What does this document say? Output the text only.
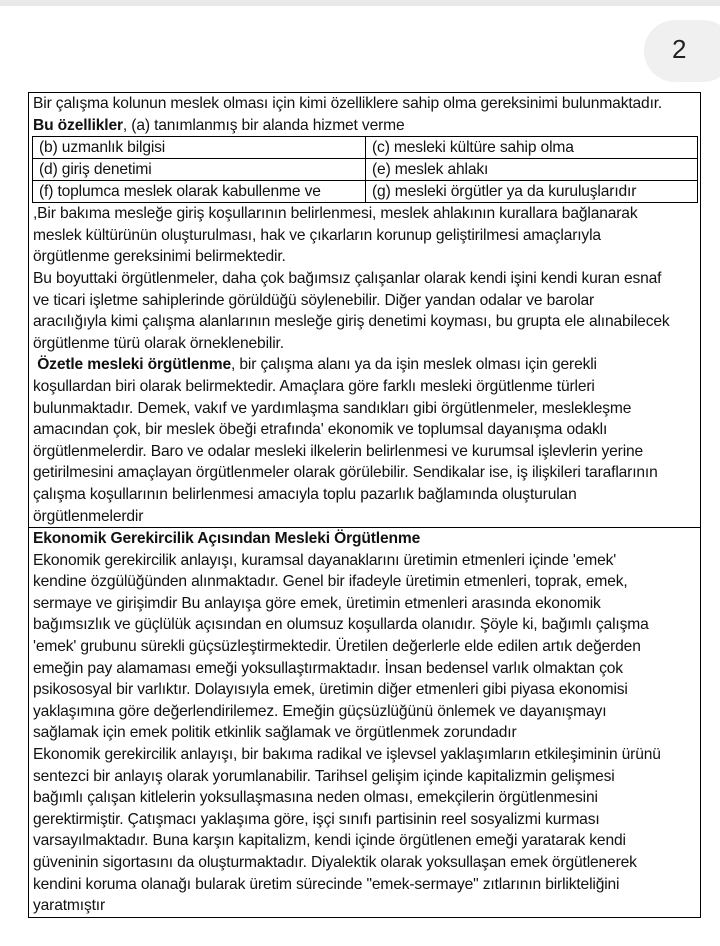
2
Bir çalışma kolunun meslek olması için kimi özelliklere sahip olma gereksinimi bulunmaktadır.
Bu özellikler, (a) tanımlanmış bir alanda hizmet verme
(b) uzmanlık bilgisi	(c) mesleki kültüre sahip olma
(d) giriş denetimi	(e) meslek ahlakı
(f) toplumca meslek olarak kabullenme ve	(g) mesleki örgütler ya da kuruluşlarıdır
,Bir bakıma mesleğe giriş koşullarının belirlenmesi, meslek ahlakının kurallara bağlanarak
meslek kültürünün oluşturulması, hak ve çıkarların korunup geliştirilmesi amaçlarıyla
örgütlenme gereksinimi belirmektedir.
Bu boyuttaki örgütlenmeler, daha çok bağımsız çalışanlar olarak kendi işini kendi kuran esnaf
ve ticari işletme sahiplerinde görüldüğü söylenebilir. Diğer yandan odalar ve barolar
aracılığıyla kimi çalışma alanlarının mesleğe giriş denetimi koyması, bu grupta ele alınabilecek
örgütlenme türü olarak örneklenebilir.
Özetle mesleki örgütlenme, bir çalışma alanı ya da işin meslek olması için gerekli
koşullardan biri olarak belirmektedir. Amaçlara göre farklı mesleki örgütlenme türleri
bulunmaktadır. Demek, vakıf ve yardımlaşma sandıkları gibi örgütlenmeler, meslekleşme
amacından çok, bir meslek öbeği etrafında' ekonomik ve toplumsal dayanışma odaklı
örgütlenmelerdir. Baro ve odalar mesleki ilkelerin belirlenmesi ve kurumsal işlevlerin yerine
getirilmesini amaçlayan örgütlenmeler olarak görülebilir. Sendikalar ise, iş ilişkileri taraflarının
çalışma koşullarının belirlenmesi amacıyla toplu pazarlık bağlamında oluşturulan
örgütlenmelerdir
Ekonomik Gerekircilik Açısından Mesleki Örgütlenme
Ekonomik gerekircilik anlayışı, kuramsal dayanaklarını üretimin etmenleri içinde 'emek'
kendine özgülüğünden alınmaktadır. Genel bir ifadeyle üretimin etmenleri, toprak, emek,
sermaye ve girişimdir Bu anlayışa göre emek, üretimin etmenleri arasında ekonomik
bağımsızlık ve güçlülük açısından en olumsuz koşullarda olanıdır. Şöyle ki, bağımlı çalışma
'emek' grubunu sürekli güçsüzleştirmektedir. Üretilen değerlerle elde edilen artık değerden
emeğin pay alamaması emeği yoksullaştırmaktadır. İnsan bedensel varlık olmaktan çok
psikososyal bir varlıktır. Dolayısıyla emek, üretimin diğer etmenleri gibi piyasa ekonomisi
yaklaşımına göre değerlendirilemez. Emeğin güçsüzlüğünü önlemek ve dayanışmayı
sağlamak için emek politik etkinlik sağlamak ve örgütlenmek zorundadır
Ekonomik gerekircilik anlayışı, bir bakıma radikal ve işlevsel yaklaşımların etkileşiminin ürünü
sentezci bir anlayış olarak yorumlanabilir. Tarihsel gelişim içinde kapitalizmin gelişmesi
bağımlı çalışan kitlelerin yoksullaşmasına neden olması, emekçilerin örgütlenmesini
gerektirmiştir. Çatışmacı yaklaşıma göre, işçi sınıfı partisinin reel sosyalizmi kurması
varsayılmaktadır. Buna karşın kapitalizm, kendi içinde örgütlenen emeği yaratarak kendi
güveninin sigortasını da oluşturmaktadır. Diyalektik olarak yoksullaşan emek örgütlenerek
kendini koruma olanağı bularak üretim sürecinde "emek-sermaye" zıtlarının birlikteliğini
yaratmıştır
